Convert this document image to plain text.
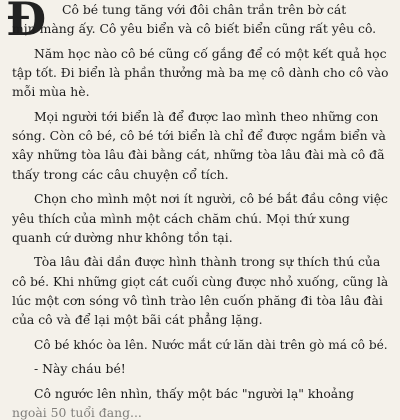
Đ Cô bé tung tăng với đôi chân trần trên bờ cát
mịn màng ấy. Cô yêu biển và cô biết biển cũng rất yêu cô.
Năm học nào cô bé cũng cố gắng để có một kết quả học
tập tốt. Đi biển là phần thưởng mà ba mẹ cô dành cho cô vào
mỗi mùa hè.
Mọi người tới biển là để được lao mình theo những con
sóng. Còn cô bé, cô bé tới biển là chỉ để được ngắm biển và
xây những tòa lâu đài bằng cát, những tòa lâu đài mà cô đã
thấy trong các câu chuyện cổ tích.
Chọn cho mình một nơi ít người, cô bé bắt đầu công việc
yêu thích của mình một cách chăm chú. Mọi thứ xung
quanh cứ dường như không tồn tại.
Tòa lâu đài dần được hình thành trong sự thích thú của
cô bé. Khi những giọt cát cuối cùng được nhỏ xuống, cũng là
lúc một cơn sóng vô tình trào lên cuốn phăng đi tòa lâu đài
của cô và để lại một bãi cát phẳng lặng.
Cô bé khóc òa lên. Nước mắt cứ lăn dài trên gò má cô bé.
- Này cháu bé!
Cô ngước lên nhìn, thấy một bác "người lạ" khoảng
ngoài 50 tuổi đang...
